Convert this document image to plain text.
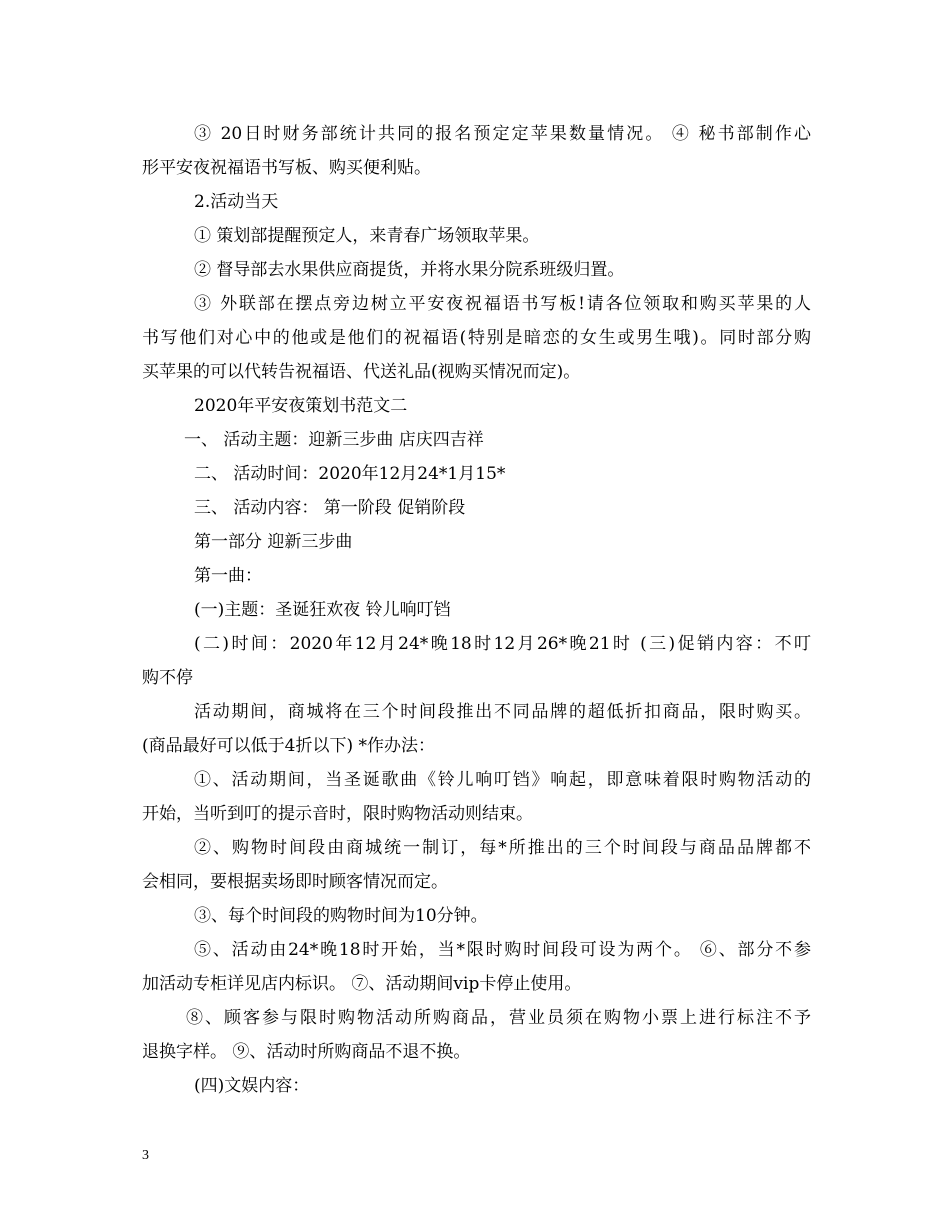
③ 20日时财务部统计共同的报名预定定苹果数量情况。 ④ 秘书部制作心
形平安夜祝福语书写板、购买便利贴。
2.活动当天
① 策划部提醒预定人，来青春广场领取苹果。
② 督导部去水果供应商提货，并将水果分院系班级归置。
③ 外联部在摆点旁边树立平安夜祝福语书写板!请各位领取和购买苹果的人
书写他们对心中的他或是他们的祝福语(特别是暗恋的女生或男生哦)。同时部分购
买苹果的可以代转告祝福语、代送礼品(视购买情况而定)。
2020年平安夜策划书范文二
一、 活动主题：迎新三步曲 店庆四吉祥
二、 活动时间：2020年12月24*1月15*
三、 活动内容： 第一阶段 促销阶段
第一部分 迎新三步曲
第一曲：
(一)主题：圣诞狂欢夜 铃儿响叮铛
(二)时间：2020年12月24*晚18时12月26*晚21时 (三)促销内容：不叮
购不停
活动期间，商城将在三个时间段推出不同品牌的超低折扣商品，限时购买。
(商品最好可以低于4折以下) *作办法：
①、活动期间，当圣诞歌曲《铃儿响叮铛》响起，即意味着限时购物活动的
开始，当听到叮的提示音时，限时购物活动则结束。
②、购物时间段由商城统一制订，每*所推出的三个时间段与商品品牌都不
会相同，要根据卖场即时顾客情况而定。
③、每个时间段的购物时间为10分钟。
⑤、活动由24*晚18时开始，当*限时购时间段可设为两个。 ⑥、部分不参
加活动专柜详见店内标识。 ⑦、活动期间vip卡停止使用。
⑧、顾客参与限时购物活动所购商品，营业员须在购物小票上进行标注不予
退换字样。 ⑨、活动时所购商品不退不换。
(四)文娱内容：
3
